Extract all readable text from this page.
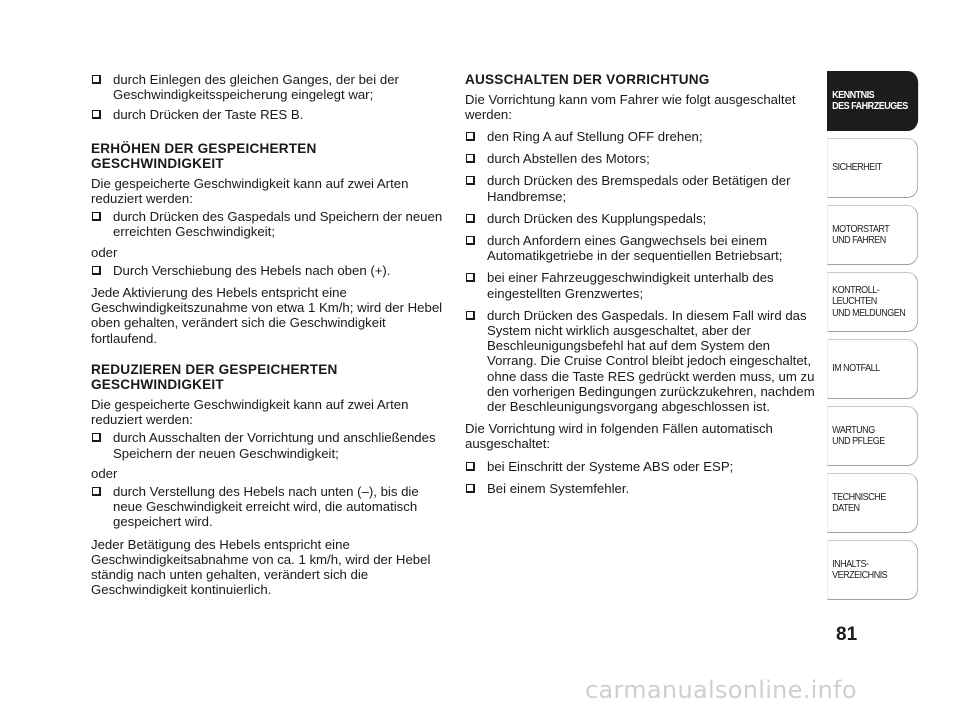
durch Einlegen des gleichen Ganges, der bei der Geschwindigkeitsspeicherung eingelegt war;
durch Drücken der Taste RES B.
ERHÖHEN DER GESPEICHERTEN GESCHWINDIGKEIT
Die gespeicherte Geschwindigkeit kann auf zwei Arten reduziert werden:
durch Drücken des Gaspedals und Speichern der neuen erreichten Geschwindigkeit;
oder
Durch Verschiebung des Hebels nach oben (+).
Jede Aktivierung des Hebels entspricht eine Geschwindigkeitszunahme von etwa 1 Km/h; wird der Hebel oben gehalten, verändert sich die Geschwindigkeit fortlaufend.
REDUZIEREN DER GESPEICHERTEN GESCHWINDIGKEIT
Die gespeicherte Geschwindigkeit kann auf zwei Arten reduziert werden:
durch Ausschalten der Vorrichtung und anschließendes Speichern der neuen Geschwindigkeit;
oder
durch Verstellung des Hebels nach unten (–), bis die neue Geschwindigkeit erreicht wird, die automatisch gespeichert wird.
Jeder Betätigung des Hebels entspricht eine Geschwindigkeitsabnahme von ca. 1 km/h, wird der Hebel ständig nach unten gehalten, verändert sich die Geschwindigkeit kontinuierlich.
AUSSCHALTEN DER VORRICHTUNG
Die Vorrichtung kann vom Fahrer wie folgt ausgeschaltet werden:
den Ring A auf Stellung OFF drehen;
durch Abstellen des Motors;
durch Drücken des Bremspedals oder Betätigen der Handbremse;
durch Drücken des Kupplungspedals;
durch Anfordern eines Gangwechsels bei einem Automatikgetriebe in der sequentiellen Betriebsart;
bei einer Fahrzeuggeschwindigkeit unterhalb des eingestellten Grenzwertes;
durch Drücken des Gaspedals. In diesem Fall wird das System nicht wirklich ausgeschaltet, aber der Beschleunigungsbefehl hat auf dem System den Vorrang. Die Cruise Control bleibt jedoch eingeschaltet, ohne dass die Taste RES gedrückt werden muss, um zu den vorherigen Bedingungen zurückzukehren, nachdem der Beschleunigungsvorgang abgeschlossen ist.
Die Vorrichtung wird in folgenden Fällen automatisch ausgeschaltet:
bei Einschritt der Systeme ABS oder ESP;
Bei einem Systemfehler.
KENNTNIS
DES FAHRZEUGES
SICHERHEIT
MOTORSTART
UND FAHREN
KONTROLL-
LEUCHTEN
UND MELDUNGEN
IM NOTFALL
WARTUNG
UND PFLEGE
TECHNISCHE
DATEN
INHALTS-
VERZEICHNIS
81
carmanualsonline.info
